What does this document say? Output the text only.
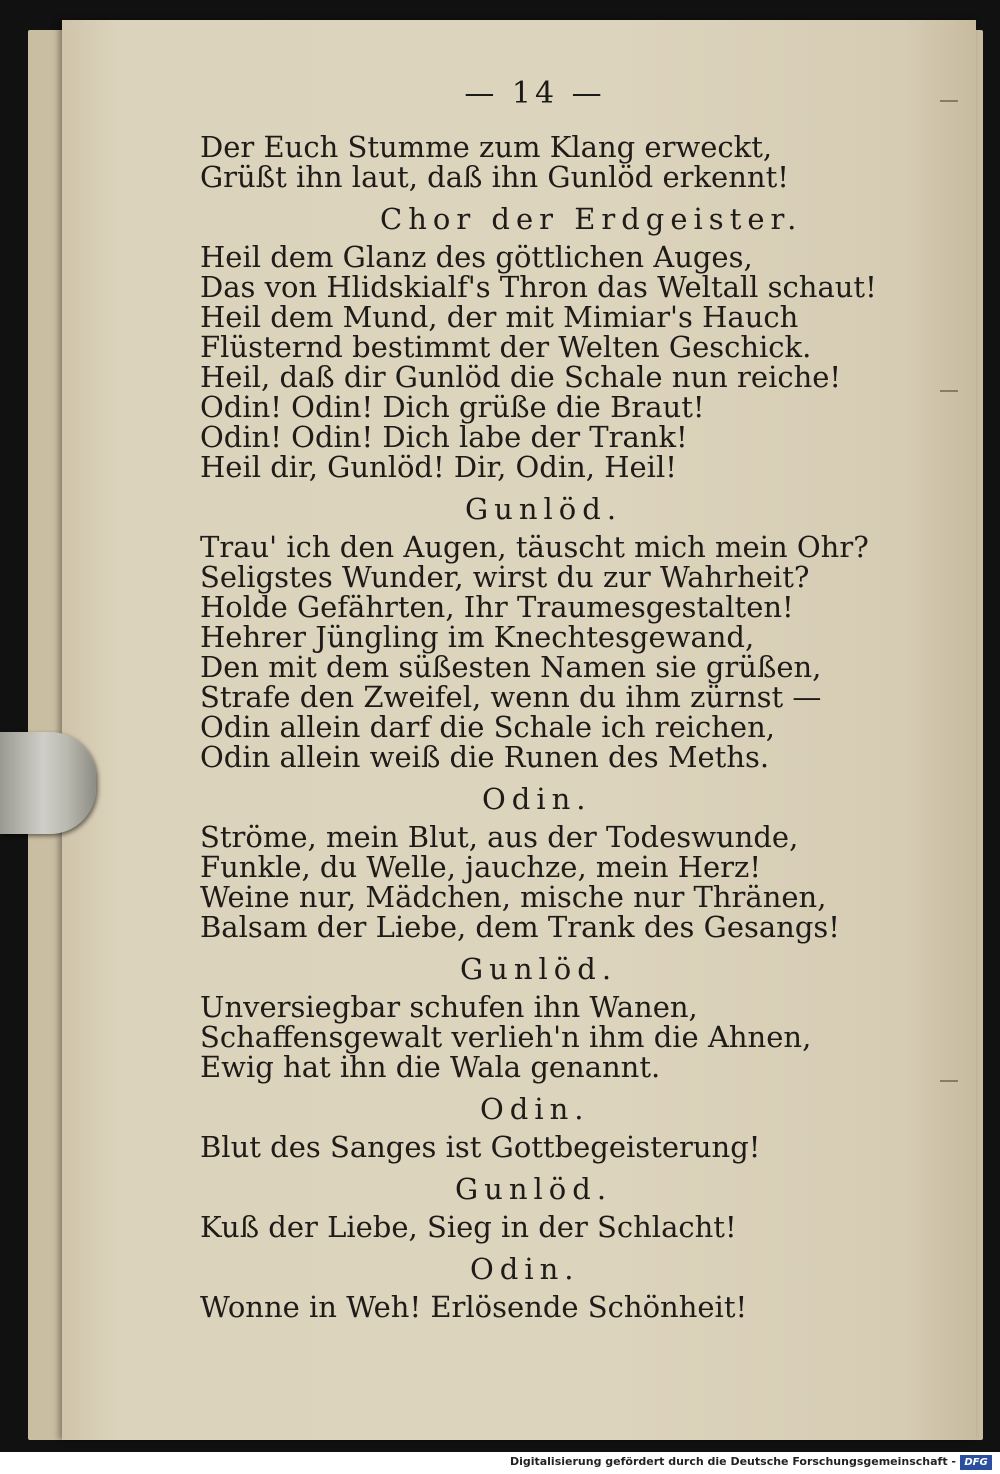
— 14 —
Der Euch Stumme zum Klang erweckt,
Grüßt ihn laut, daß ihn Gunlöd erkennt!
Chor der Erdgeister.
Heil dem Glanz des göttlichen Auges,
Das von Hlidskialf's Thron das Weltall schaut!
Heil dem Mund, der mit Mimiar's Hauch
Flüsternd bestimmt der Welten Geschick.
Heil, daß dir Gunlöd die Schale nun reiche!
Odin! Odin! Dich grüße die Braut!
Odin! Odin! Dich labe der Trank!
Heil dir, Gunlöd! Dir, Odin, Heil!
Gunlöd.
Trau' ich den Augen, täuscht mich mein Ohr?
Seligstes Wunder, wirst du zur Wahrheit?
Holde Gefährten, Ihr Traumesgestalten!
Hehrer Jüngling im Knechtesgewand,
Den mit dem süßesten Namen sie grüßen,
Strafe den Zweifel, wenn du ihm zürnst —
Odin allein darf die Schale ich reichen,
Odin allein weiß die Runen des Meths.
Odin.
Ströme, mein Blut, aus der Todeswunde,
Funkle, du Welle, jauchze, mein Herz!
Weine nur, Mädchen, mische nur Thränen,
Balsam der Liebe, dem Trank des Gesangs!
Gunlöd.
Unversiegbar schufen ihn Wanen,
Schaffensgewalt verlieh'n ihm die Ahnen,
Ewig hat ihn die Wala genannt.
Odin.
Blut des Sanges ist Gottbegeisterung!
Gunlöd.
Kuß der Liebe, Sieg in der Schlacht!
Odin.
Wonne in Weh! Erlösende Schönheit!
Digitalisierung gefördert durch die Deutsche Forschungsgemeinschaft - DFG
